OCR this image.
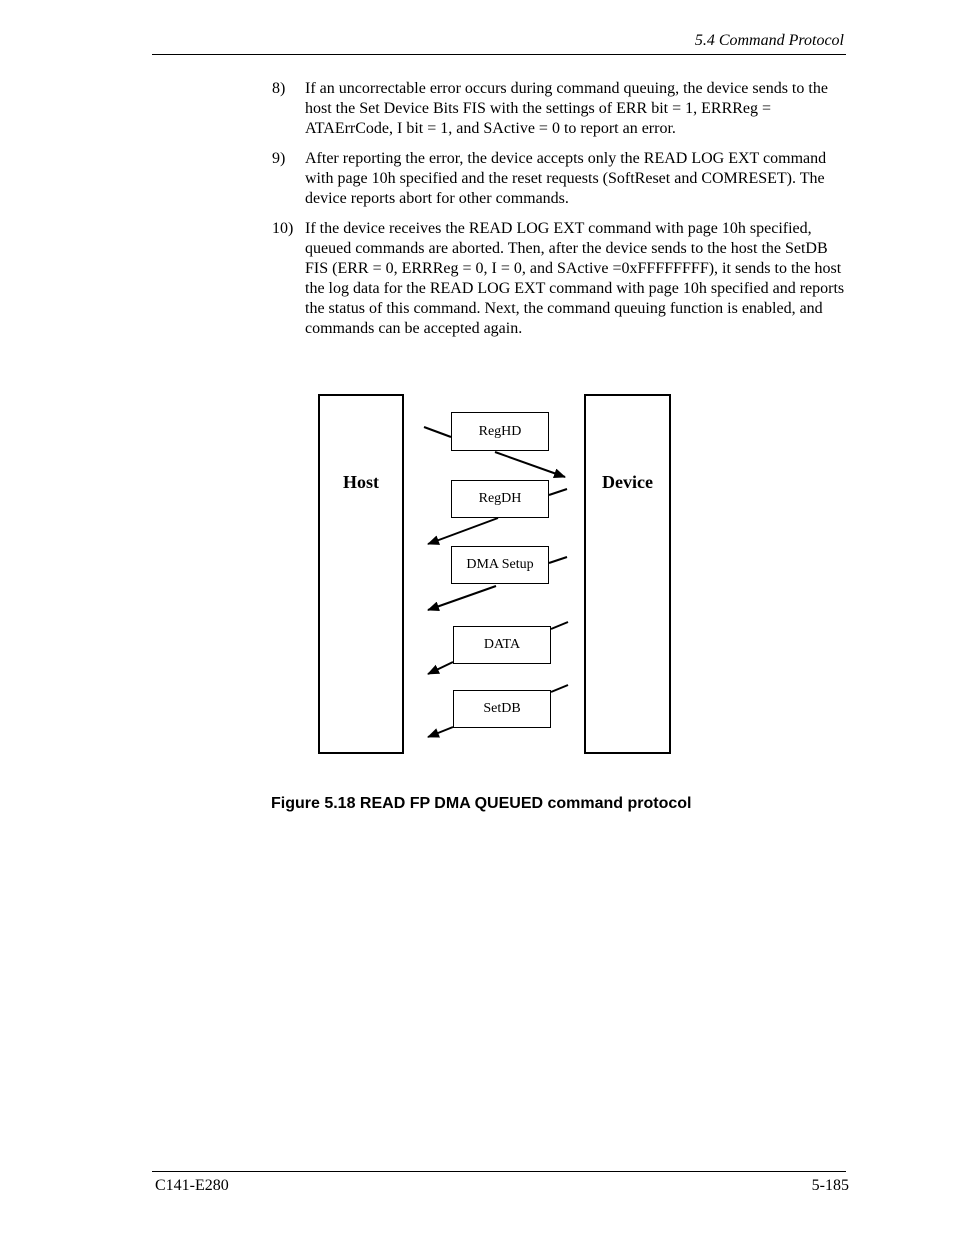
5.4 Command Protocol
8)	If an uncorrectable error occurs during command queuing, the device sends to the host the Set Device Bits FIS with the settings of ERR bit = 1, ERRReg = ATAErrCode, I bit = 1, and SActive = 0 to report an error.
9)	After reporting the error, the device accepts only the READ LOG EXT command with page 10h specified and the reset requests (SoftReset and COMRESET). The device reports abort for other commands.
10) If the device receives the READ LOG EXT command with page 10h specified, queued commands are aborted. Then, after the device sends to the host the SetDB FIS (ERR = 0, ERRReg = 0, I = 0, and SActive =0xFFFFFFFF), it sends to the host the log data for the READ LOG EXT command with page 10h specified and reports the status of this command. Next, the command queuing function is enabled, and commands can be accepted again.
Host	Device
RegHD
RegDH
DMA Setup
DATA
SetDB
Figure 5.18 READ FP DMA QUEUED command protocol
C141-E280	5-185
